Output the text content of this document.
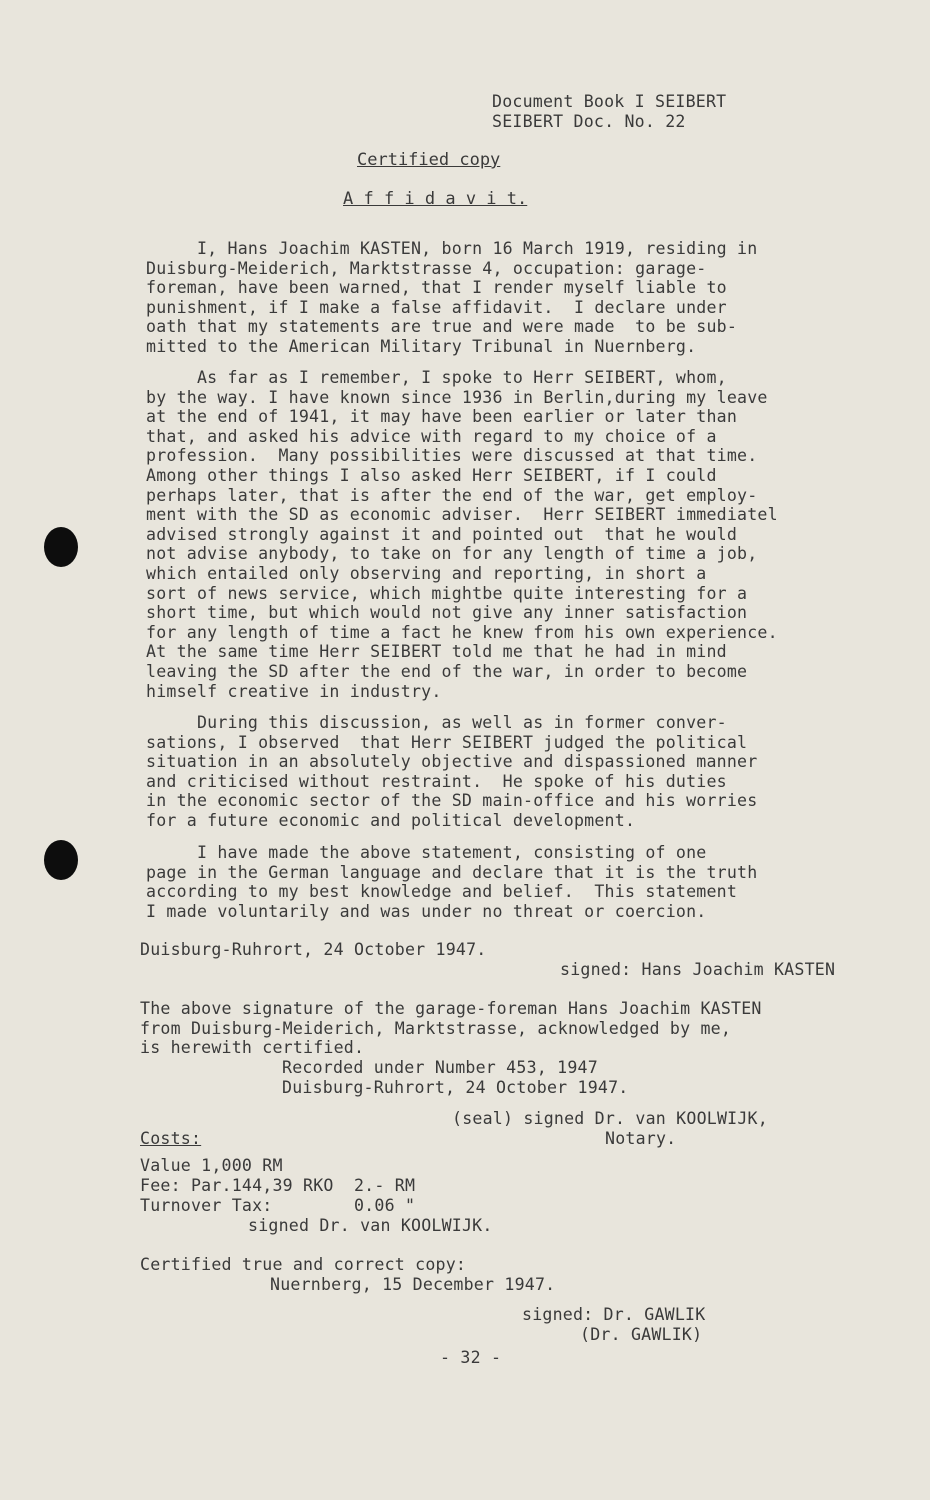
Document Book I SEIBERT

SEIBERT Doc. No. 22

Certified copy

A f f i d a v i t.

I, Hans Joachim KASTEN, born 16 March 1919, residing in
Duisburg-Meiderich, Marktstrasse 4, occupation: garage-
foreman, have been warned, that I render myself liable to
punishment, if I make a false affidavit.  I declare under
oath that my statements are true and were made  to be sub-
mitted to the American Military Tribunal in Nuernberg.
As far as I remember, I spoke to Herr SEIBERT, whom,
by the way. I have known since 1936 in Berlin,during my leave
at the end of 1941, it may have been earlier or later than
that, and asked his advice with regard to my choice of a
profession.  Many possibilities were discussed at that time.
Among other things I also asked Herr SEIBERT, if I could
perhaps later, that is after the end of the war, get employ-
ment with the SD as economic adviser.  Herr SEIBERT immediatel
advised strongly against it and pointed out  that he would
not advise anybody, to take on for any length of time a job,
which entailed only observing and reporting, in short a
sort of news service, which mightbe quite interesting for a
short time, but which would not give any inner satisfaction
for any length of time a fact he knew from his own experience.
At the same time Herr SEIBERT told me that he had in mind
leaving the SD after the end of the war, in order to become
himself creative in industry.
During this discussion, as well as in former conver-
sations, I observed  that Herr SEIBERT judged the political
situation in an absolutely objective and dispassioned manner
and criticised without restraint.  He spoke of his duties
in the economic sector of the SD main-office and his worries
for a future economic and political development.
I have made the above statement, consisting of one
page in the German language and declare that it is the truth
according to my best knowledge and belief.  This statement
I made voluntarily and was under no threat or coercion.

Duisburg-Ruhrort, 24 October 1947.

signed: Hans Joachim KASTEN

The above signature of the garage-foreman Hans Joachim KASTEN
from Duisburg-Meiderich, Marktstrasse, acknowledged by me,
is herewith certified.

Recorded under Number 453, 1947

Duisburg-Ruhrort, 24 October 1947.

(seal) signed Dr. van KOOLWIJK,

Notary.

Costs:

Value 1,000 RM

Fee: Par.144,39 RKO  2.- RM

Turnover Tax:        0.06 "

signed Dr. van KOOLWIJK.

Certified true and correct copy:

Nuernberg, 15 December 1947.

signed: Dr. GAWLIK

(Dr. GAWLIK)

- 32 -
